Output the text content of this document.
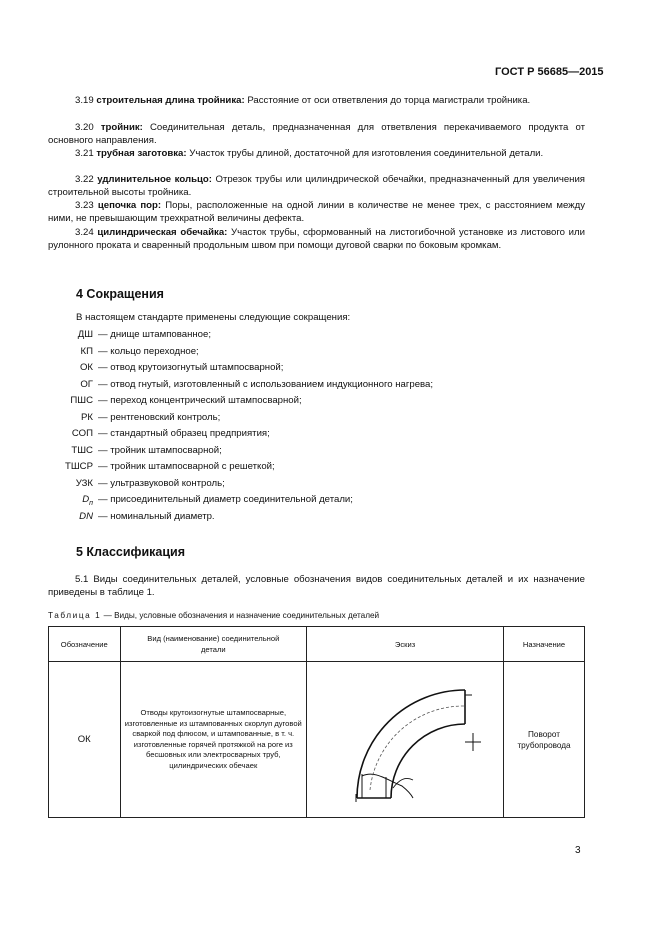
ГОСТ Р 56685—2015
3.19 строительная длина тройника: Расстояние от оси ответвления до торца магистрали тройника.
3.20 тройник: Соединительная деталь, предназначенная для ответвления перекачиваемого продукта от основного направления.
3.21 трубная заготовка: Участок трубы длиной, достаточной для изготовления соединительной детали.
3.22 удлинительное кольцо: Отрезок трубы или цилиндрической обечайки, предназначенный для увеличения строительной высоты тройника.
3.23 цепочка пор: Поры, расположенные на одной линии в количестве не менее трех, с расстоянием между ними, не превышающим трехкратной величины дефекта.
3.24 цилиндрическая обечайка: Участок трубы, сформованный на листогибочной установке из листового или рулонного проката и сваренный продольным швом при помощи дуговой сварки по боковым кромкам.
4 Сокращения
В настоящем стандарте применены следующие сокращения:
ДШ — днище штампованное;
КП — кольцо переходное;
ОК — отвод крутоизогнутый штампосварной;
ОГ — отвод гнутый, изготовленный с использованием индукционного нагрева;
ПШС — переход концентрический штампосварной;
РК — рентгеновский контроль;
СОП — стандартный образец предприятия;
ТШС — тройник штампосварной;
ТШСР — тройник штампосварной с решеткой;
УЗК — ультразвуковой контроль;
$D_п$ — присоединительный диаметр соединительной детали;
DN — номинальный диаметр.
5 Классификация
5.1 Виды соединительных деталей, условные обозначения видов соединительных деталей и их назначение приведены в таблице 1.
Таблица 1 — Виды, условные обозначения и назначение соединительных деталей
Обозначение	Вид (наименование) соединительной детали	Эскиз	Назначение
ОК	Отводы крутоизогнутые штампосварные, изготовленные из штампованных скорлуп дуговой сваркой под флюсом, и штампованные, в т. ч. изготовленные горячей протяжкой на роге из бесшовных или электросварных труб, цилиндрических обечаек		Поворот трубопровода
3
